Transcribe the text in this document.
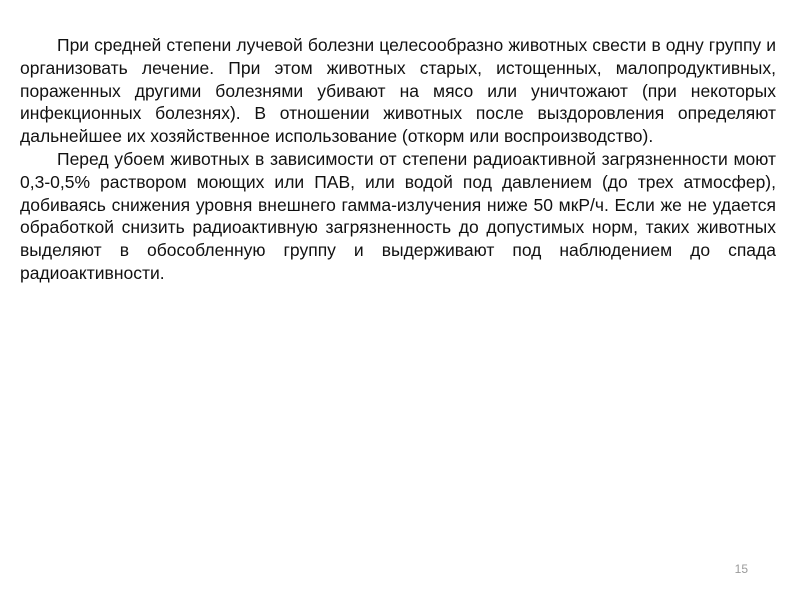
При средней степени лучевой болезни целесообразно животных свести в одну группу и организовать лечение. При этом животных старых, истощенных, малопродуктивных, пораженных другими болезнями убивают на мясо или уничтожают (при некоторых инфекционных болезнях). В отношении животных после выздоровления определяют дальнейшее их хозяйственное использование (откорм или воспроизводство).

Перед убоем животных в зависимости от степени радиоактивной загрязненности моют 0,3-0,5% раствором моющих или ПАВ, или водой под давлением (до трех атмосфер), добиваясь снижения уровня внешнего гамма-излучения ниже 50 мкР/ч. Если же не удается обработкой снизить радиоактивную загрязненность до допустимых норм, таких животных выделяют в обособленную группу и выдерживают под наблюдением до спада радиоактивности.

15
